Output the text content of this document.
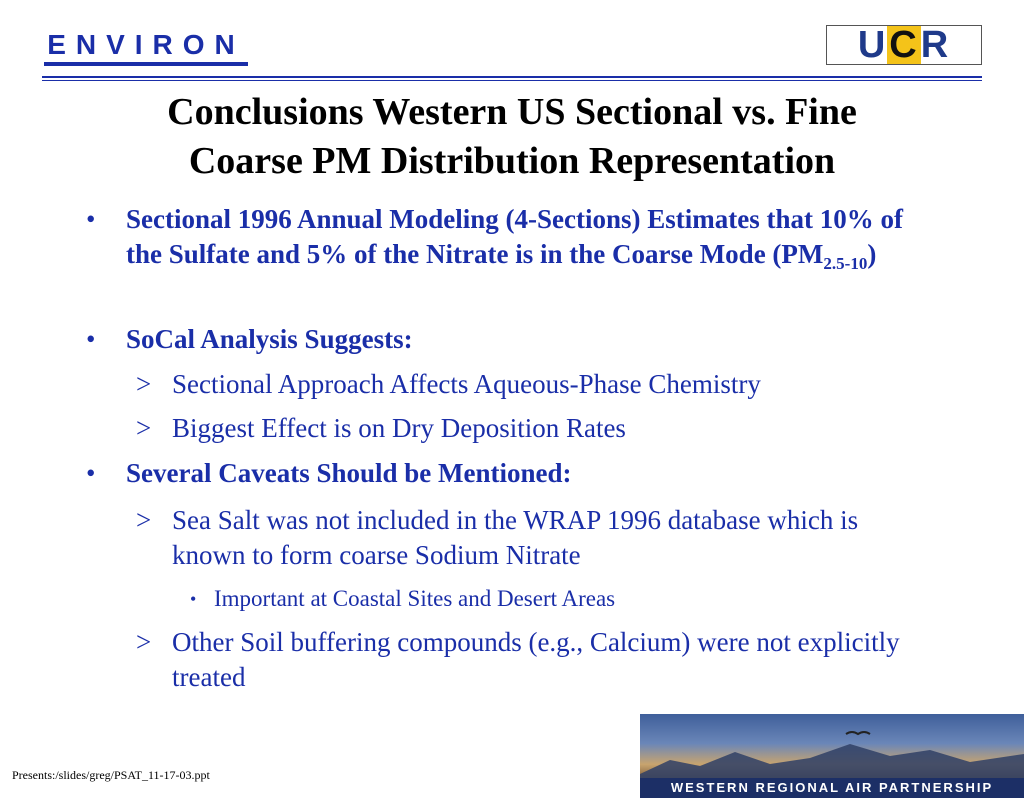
ENVIRON	UCR
Conclusions Western US Sectional vs. Fine
Coarse PM Distribution Representation
•	Sectional 1996 Annual Modeling (4-Sections) Estimates that 10% of the Sulfate and 5% of the Nitrate is in the Coarse Mode $(PM_{2.5-10})$
•	SoCal Analysis Suggests:
> Sectional Approach Affects Aqueous-Phase Chemistry
> Biggest Effect is on Dry Deposition Rates
•	Several Caveats Should be Mentioned:
> Sea Salt was not included in the WRAP 1996 database which is known to form coarse Sodium Nitrate
• Important at Coastal Sites and Desert Areas
> Other Soil buffering compounds (e.g., Calcium) were not explicitly treated
Presents:/slides/greg/PSAT_11-17-03.ppt
WESTERN REGIONAL AIR PARTNERSHIP
